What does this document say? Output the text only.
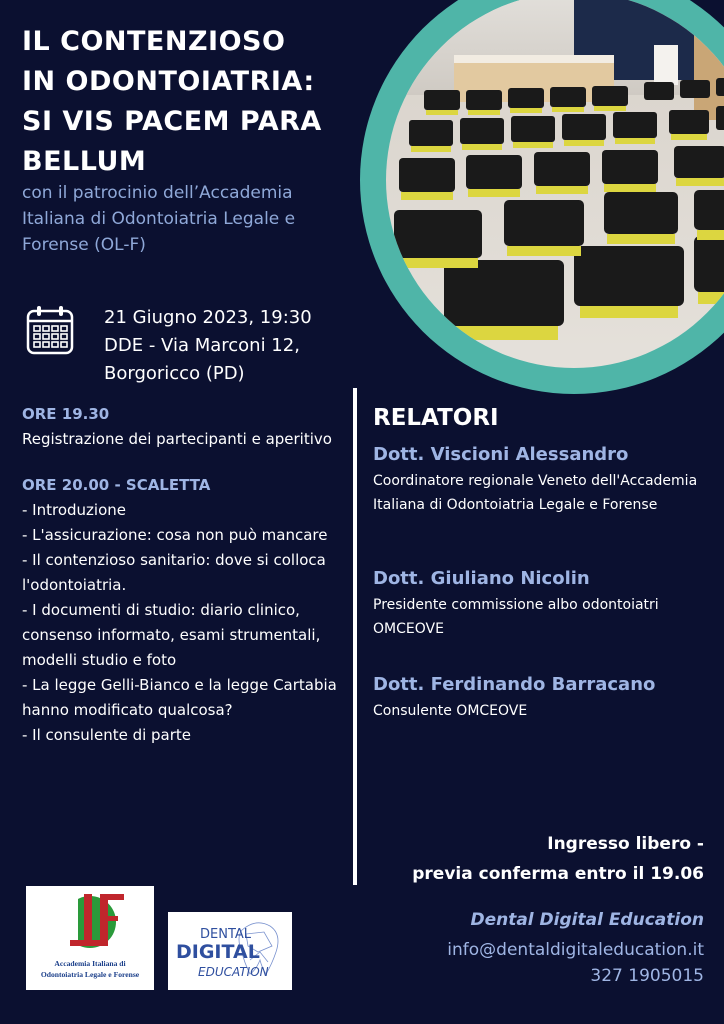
IL CONTENZIOSO
IN ODONTOIATRIA:
SI VIS PACEM PARA
BELLUM
con il patrocinio dell’Accademia Italiana di Odontoiatria Legale e Forense (OL-F)
21 Giugno 2023, 19:30
DDE - Via Marconi 12,
Borgoricco (PD)
ORE 19.30
Registrazione dei partecipanti e aperitivo
ORE 20.00 - SCALETTA
- Introduzione
- L'assicurazione: cosa non può mancare
- Il contenzioso sanitario: dove si colloca l'odontoiatria.
- I documenti di studio: diario clinico, consenso informato, esami strumentali, modelli studio e foto
- La legge Gelli-Bianco e la legge Cartabia hanno modificato qualcosa?
- Il consulente di parte
RELATORI
Dott. Viscioni Alessandro
Coordinatore regionale Veneto dell'Accademia Italiana di Odontoiatria Legale e Forense
Dott. Giuliano Nicolin
Presidente commissione albo odontoiatri OMCEOVE
Dott. Ferdinando Barracano
Consulente OMCEOVE
Ingresso libero -
previa conferma entro il 19.06
Dental Digital Education
info@dentaldigitaleducation.it
327 1905015
Accademia Italiana di
Odontoiatria Legale e Forense
DENTAL
DIGITAL
EDUCATION
